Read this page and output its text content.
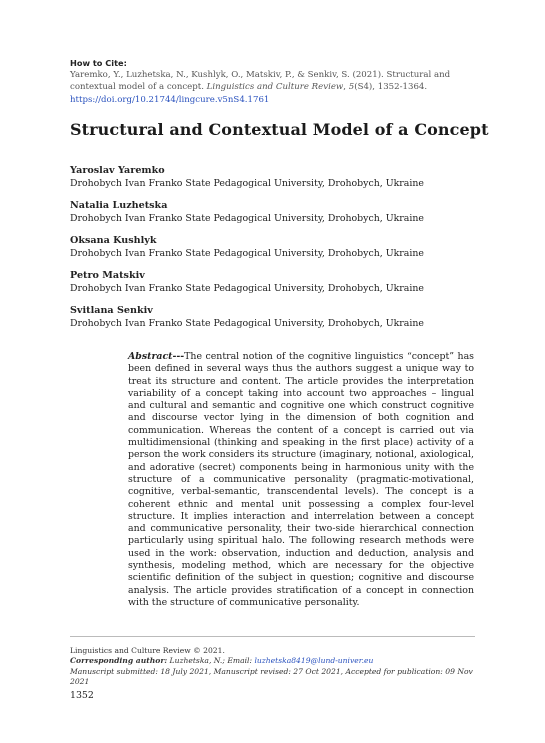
How to Cite:
Yaremko, Y., Luzhetska, N., Kushlyk, O., Matskiv, P., & Senkiv, S. (2021). Structural and contextual model of a concept. Linguistics and Culture Review, 5(S4), 1352-1364.
https://doi.org/10.21744/lingcure.v5nS4.1761
Structural and Contextual Model of a Concept
Yaroslav Yaremko
Drohobych Ivan Franko State Pedagogical University, Drohobych, Ukraine
Natalia Luzhetska
Drohobych Ivan Franko State Pedagogical University, Drohobych, Ukraine
Oksana Kushlyk
Drohobych Ivan Franko State Pedagogical University, Drohobych, Ukraine
Petro Matskiv
Drohobych Ivan Franko State Pedagogical University, Drohobych, Ukraine
Svitlana Senkiv
Drohobych Ivan Franko State Pedagogical University, Drohobych, Ukraine
Abstract---The central notion of the cognitive linguistics “concept” has been defined in several ways thus the authors suggest a unique way to treat its structure and content. The article provides the interpretation variability of a concept taking into account two approaches – lingual and cultural and semantic and cognitive one which construct cognitive and discourse vector lying in the dimension of both cognition and communication. Whereas the content of a concept is carried out via multidimensional (thinking and speaking in the first place) activity of a person the work considers its structure (imaginary, notional, axiological, and adorative (secret) components being in harmonious unity with the structure of a communicative personality (pragmatic-motivational, cognitive, verbal-semantic, transcendental levels). The concept is a coherent ethnic and mental unit possessing a complex four-level structure. It implies interaction and interrelation between a concept and communicative personality, their two-side hierarchical connection particularly using spiritual halo. The following research methods were used in the work: observation, induction and deduction, analysis and synthesis, modeling method, which are necessary for the objective scientific definition of the subject in question; cognitive and discourse analysis. The article provides stratification of a concept in connection with the structure of communicative personality.
Linguistics and Culture Review © 2021.
Corresponding author: Luzhetska, N.; Email: luzhetska8419@lund-univer.eu
Manuscript submitted: 18 July 2021, Manuscript revised: 27 Oct 2021, Accepted for publication: 09 Nov 2021
1352
